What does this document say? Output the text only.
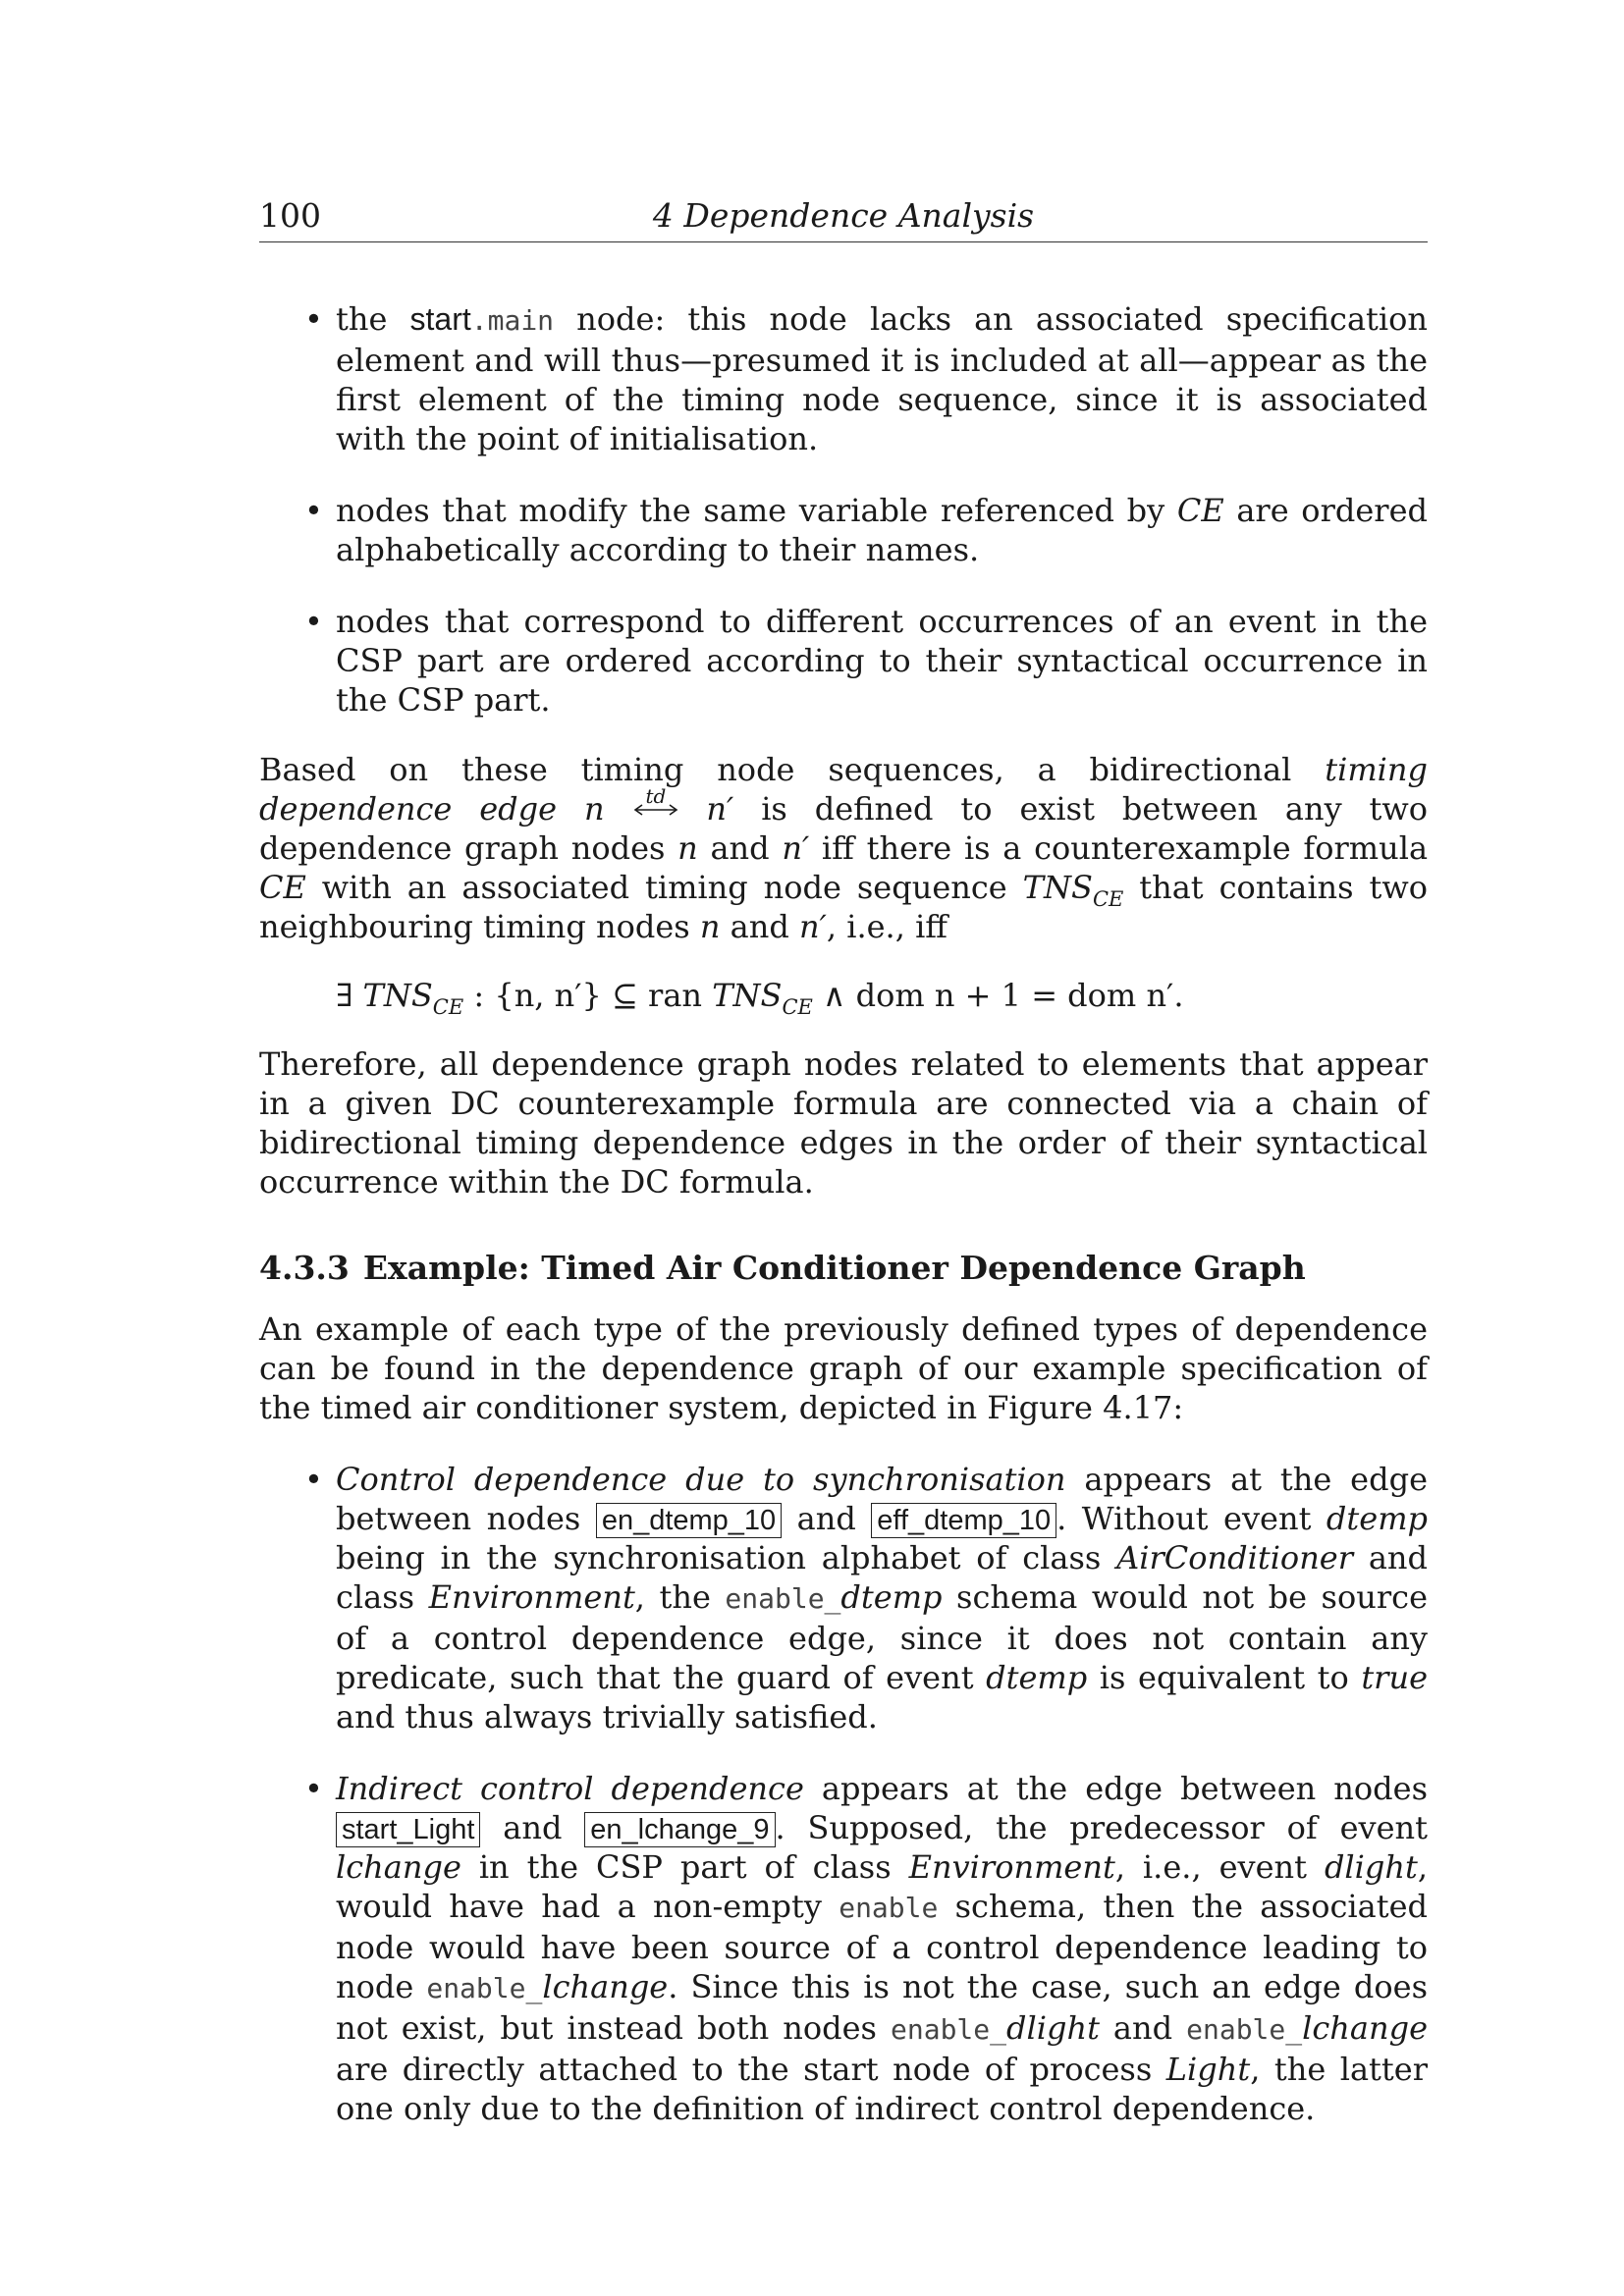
100	4 Dependence Analysis
• the start.main node: this node lacks an associated specification element and will thus—presumed it is included at all—appear as the first element of the timing node sequence, since it is associated with the point of initialisation.
• nodes that modify the same variable referenced by CE are ordered alphabetically according to their names.
• nodes that correspond to different occurrences of an event in the CSP part are ordered according to their syntactical occurrence in the CSP part.

Based on these timing node sequences, a bidirectional timing dependence edge n td n′ is defined to exist between any two dependence graph nodes n and n′ iff there is a counterexample formula CE with an associated timing node sequence $TNS_{CE}$ that contains two neighbouring timing nodes n and n′, i.e., iff

∃ $TNS_{CE}$ : {n, n′} ⊆ ran $TNS_{CE}$ ∧ dom n + 1 = dom n′.

Therefore, all dependence graph nodes related to elements that appear in a given DC counterexample formula are connected via a chain of bidirectional timing dependence edges in the order of their syntactical occurrence within the DC formula.

4.3.3 Example: Timed Air Conditioner Dependence Graph

An example of each type of the previously defined types of dependence can be found in the dependence graph of our example specification of the timed air conditioner system, depicted in Figure 4.17:

• Control dependence due to synchronisation appears at the edge between nodes en_dtemp_10 and eff_dtemp_10 . Without event dtemp being in the synchronisation alphabet of class AirConditioner and class Environment, the enable_dtemp schema would not be source of a control dependence edge, since it does not contain any predicate, such that the guard of event dtemp is equivalent to true and thus always trivially satisfied.
• Indirect control dependence appears at the edge between nodes start_Light and en_lchange_9 . Supposed, the predecessor of event lchange in the CSP part of class Environment, i.e., event dlight, would have had a non-empty enable schema, then the associated node would have been source of a control dependence leading to node enable_lchange. Since this is not the case, such an edge does not exist, but instead both nodes enable_dlight and enable_lchange are directly attached to the start node of process Light, the latter one only due to the definition of indirect control dependence.
